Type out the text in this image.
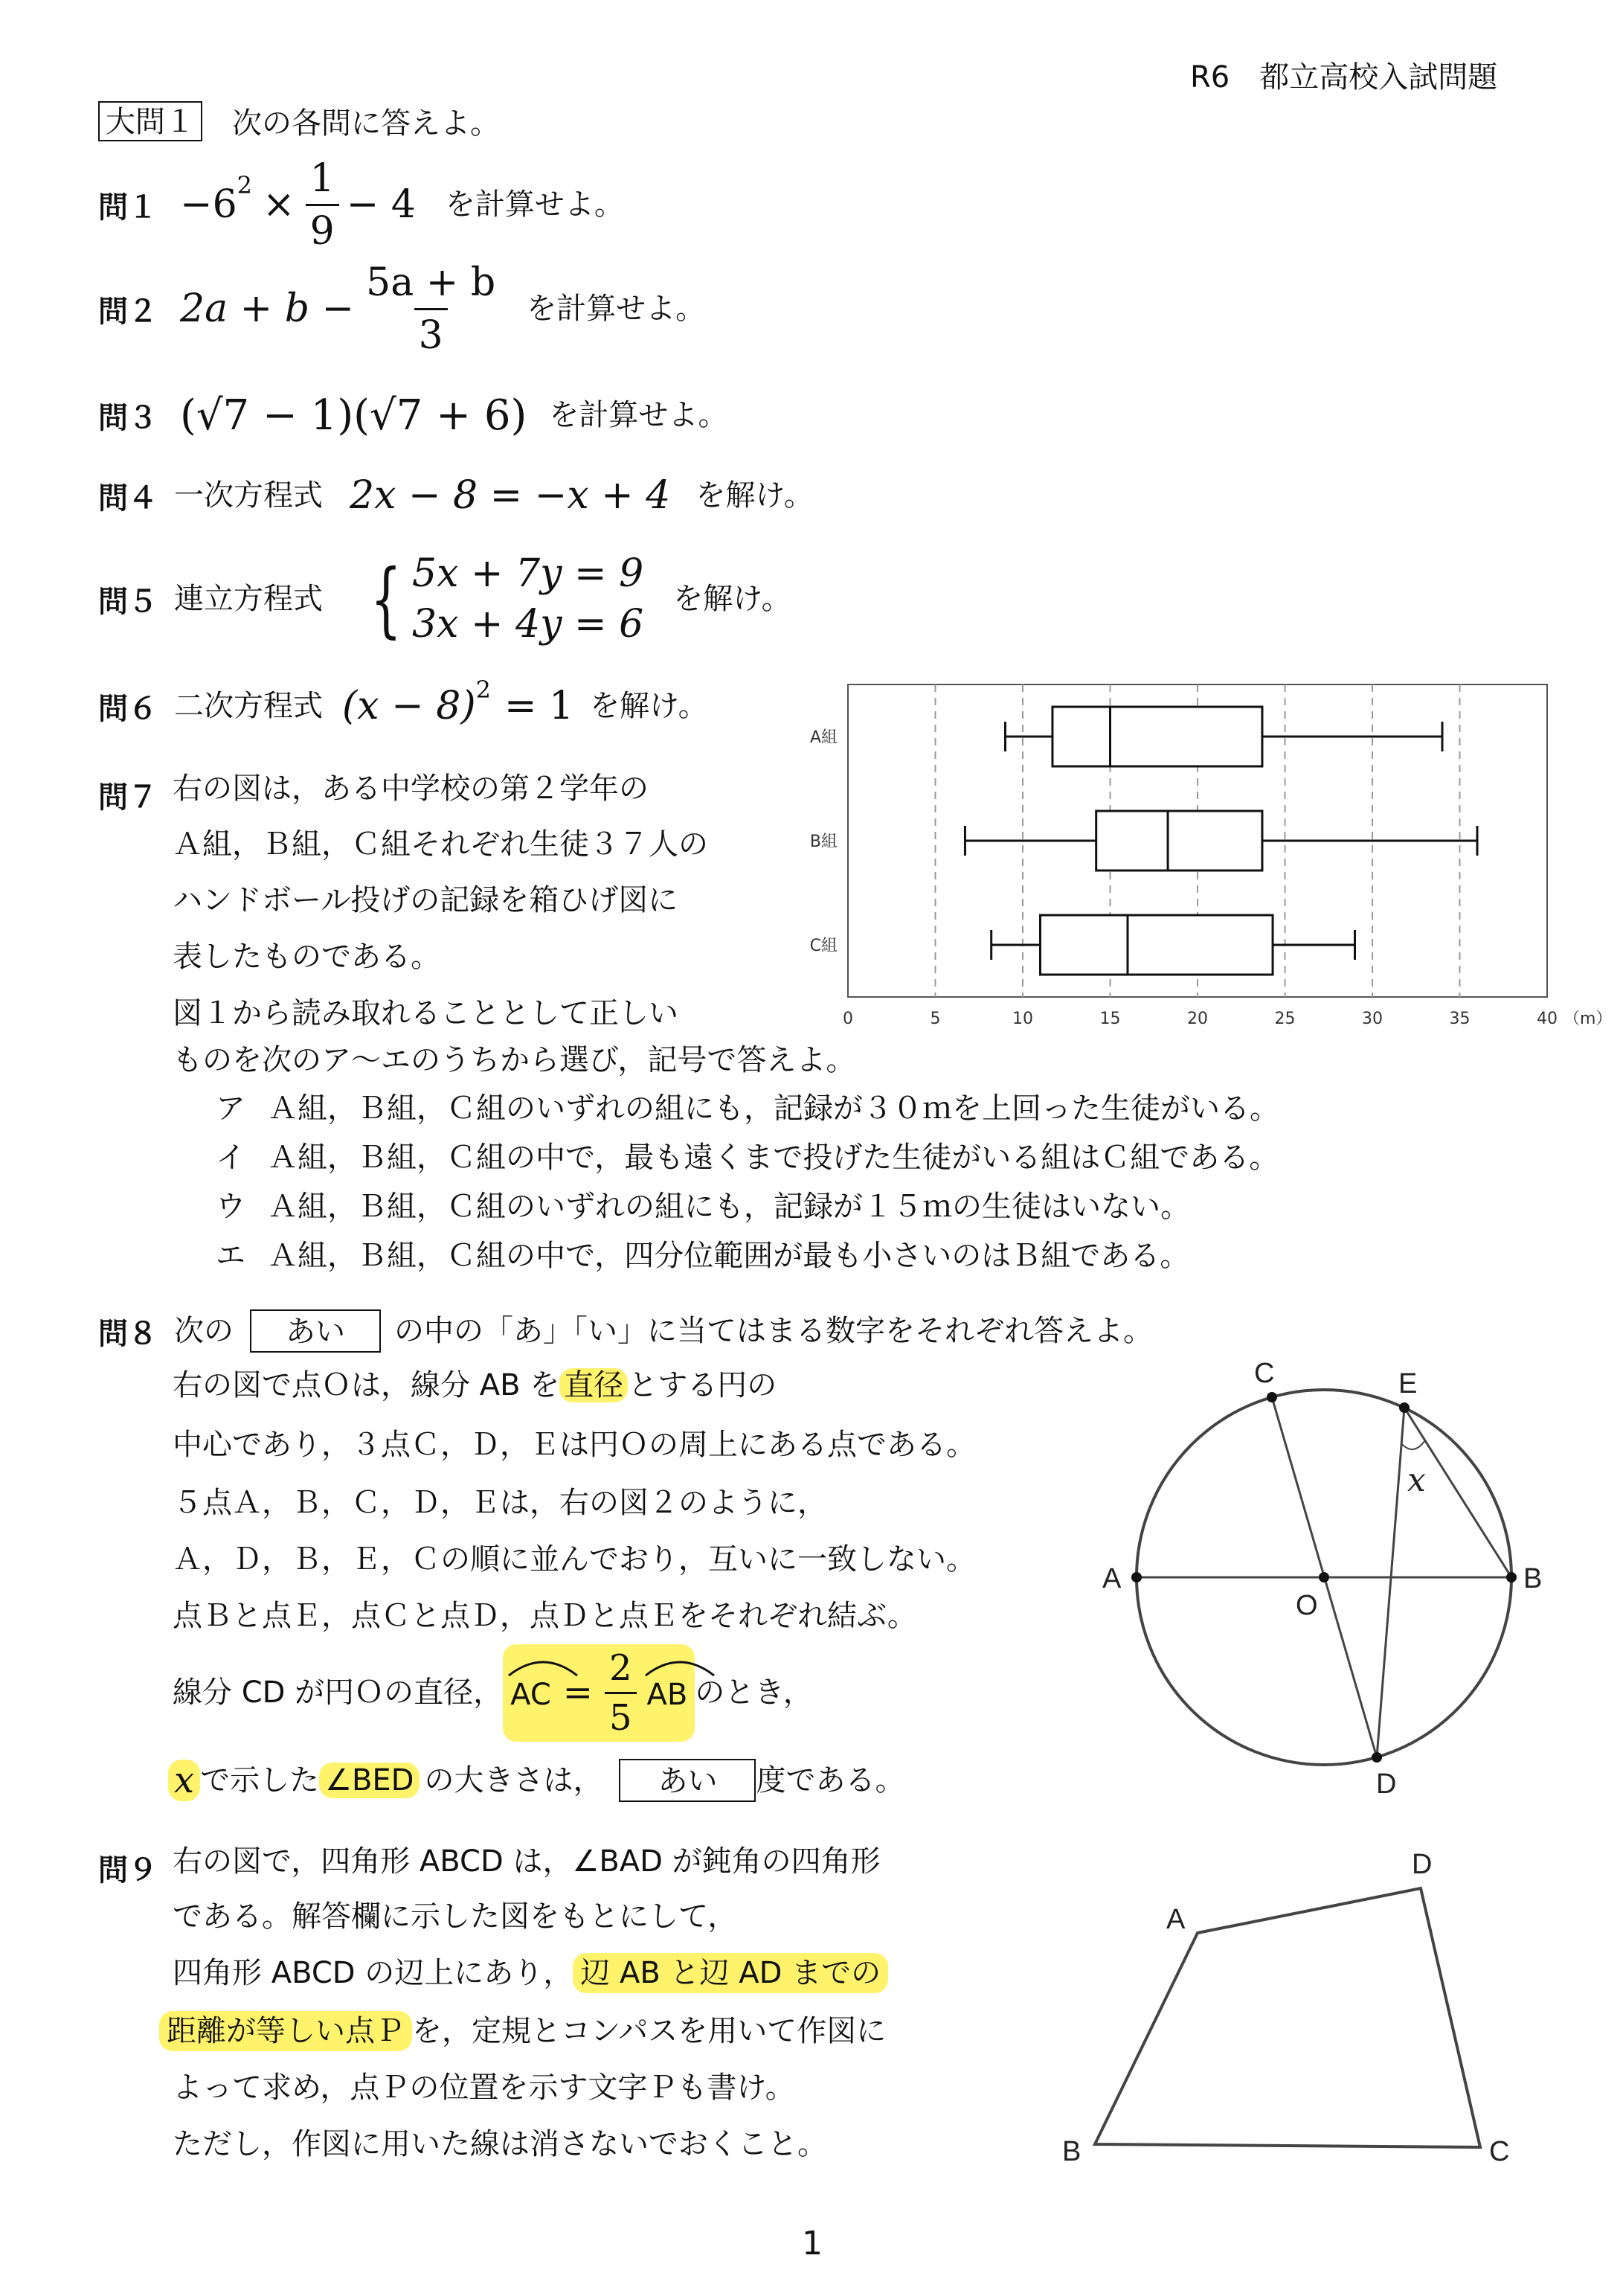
R6　都立高校入試問題
大問１ 次の各問に答えよ。
問１ −6 $2 \times \frac{1}{9} - 4$ を計算せよ。
問２ $2a + b - \frac{5a + b}{3}$ を計算せよ。
問３ (√7 − 1)(√7 + 6) を計算せよ。
問４ 一次方程式 2x − 8 = −x + 4 を解け。
問５ 連立方程式 { 5x + 7y = 9
3x + 4y = 6
を解け。
問６ 二次方程式 (x − 8) 2 = 1 を解け。
問７ 右の図は，ある中学校の第２学年の
Ａ組，Ｂ組，Ｃ組それぞれ生徒３７人の
ハンドボール投げの記録を箱ひげ図に
表したものである。
図１から読み取れることとして正しい
ものを次のア～エのうちから選び，記号で答えよ。
ア Ａ組，Ｂ組，Ｃ組のいずれの組にも，記録が３０ｍを上回った生徒がいる。
イ Ａ組，Ｂ組，Ｃ組の中で，最も遠くまで投げた生徒がいる組はＣ組である。
ウ Ａ組，Ｂ組，Ｃ組のいずれの組にも，記録が１５ｍの生徒はいない。
エ Ａ組，Ｂ組，Ｃ組の中で，四分位範囲が最も小さいのはＢ組である。
0	5	10	15	20	25	30	35	40 （m）
A組
B組
C組
問８ 次の	あい	の中の「あ」「い」に当てはまる数字をそれぞれ答えよ。
右の図で点Ｏは，線分 AB を 直径 とする円の
中心であり，３点Ｃ，Ｄ，Ｅは円Ｏの周上にある点である。
５点Ａ，Ｂ，Ｃ，Ｄ，Ｅは，右の図２のように，
Ａ，Ｄ，Ｂ，Ｅ，Ｃの順に並んでおり，互いに一致しない。
点Ｂと点Ｅ，点Ｃと点Ｄ，点Ｄと点Ｅをそれぞれ結ぶ。
線分 CD が円Ｏの直径， AC = $\frac{2}{5}$ AB のとき，
x で示した ∠BED の大きさは，	あい	度である。
C	E
A
O
B
D
x
問９ 右の図で，四角形 ABCD は，∠BAD が鈍角の四角形
である。解答欄に示した図をもとにして，
四角形 ABCD の辺上にあり， 辺 AB と辺 AD までの
距離が等しい点Ｐ を，定規とコンパスを用いて作図に
よって求め，点Ｐの位置を示す文字Ｐも書け。
ただし，作図に用いた線は消さないでおくこと。
A
D
B	C
1
